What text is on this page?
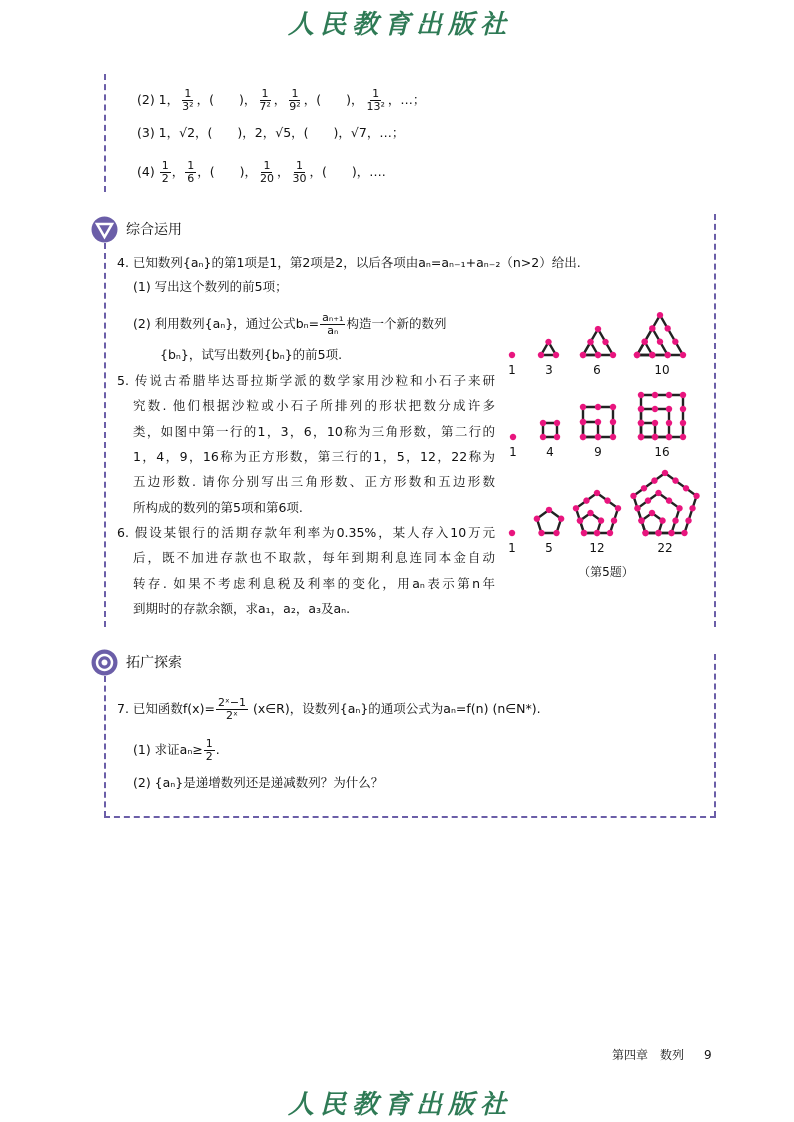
人民教育出版社
(2) 1， $\frac{1}{\text{3²}}$ ，(　　)， $\frac{1}{\text{7²}}$ ， $\frac{1}{\text{9²}}$ ，(　　)， $\frac{1}{\text{13²}}$ ，…；
(3) 1，√2，(　　)，2，√5，(　　)，√7，…；
$(4) \frac{1}{2}$ ， $\frac{1}{6}$ ，(　　)， $\frac{1}{20}$ ， $\frac{1}{30}$ ，(　　)，….
综合运用
4. 已知数列{aₙ}的第1项是1，第2项是2，以后各项由aₙ=aₙ₋₁+aₙ₋₂（n>2）给出.
(1) 写出这个数列的前5项；
(2) 利用数列{aₙ}，通过公式$b_n= \frac{\text{aₙ₊₁}}{\text{aₙ}}$ 构造一个新的数列
{bₙ}，试写出数列{bₙ}的前5项.
5. 传说古希腊毕达哥拉斯学派的数学家用沙粒和小石子来研
究数. 他们根据沙粒或小石子所排列的形状把数分成许多
类，如图中第一行的1，3，6，10称为三角形数，第二行的
1，4，9，16称为正方形数，第三行的1，5，12，22称为
五边形数. 请你分别写出三角形数、正方形数和五边形数
所构成的数列的第5项和第6项.
6. 假设某银行的活期存款年利率为0.35%，某人存入10万元
后，既不加进存款也不取款，每年到期利息连同本金自动
转存. 如果不考虑利息税及利率的变化，用aₙ表示第n年
到期时的存款余额，求a₁，a₂，a₃及aₙ.
1 3	6	10
1 4	9	16
1 5	12	22
（第5题）
拓广探索
7. 已知函数$f(x)= \frac{\text{2ˣ−1}}{\text{2ˣ}}$ (x∈R)，设数列{aₙ}的通项公式为aₙ=f(n) (n∈N*).
(1) 求证$a_n\ge \frac{1}{2}$ .
(2) {aₙ}是递增数列还是递减数列？为什么？
第四章　数列 9
人民教育出版社
